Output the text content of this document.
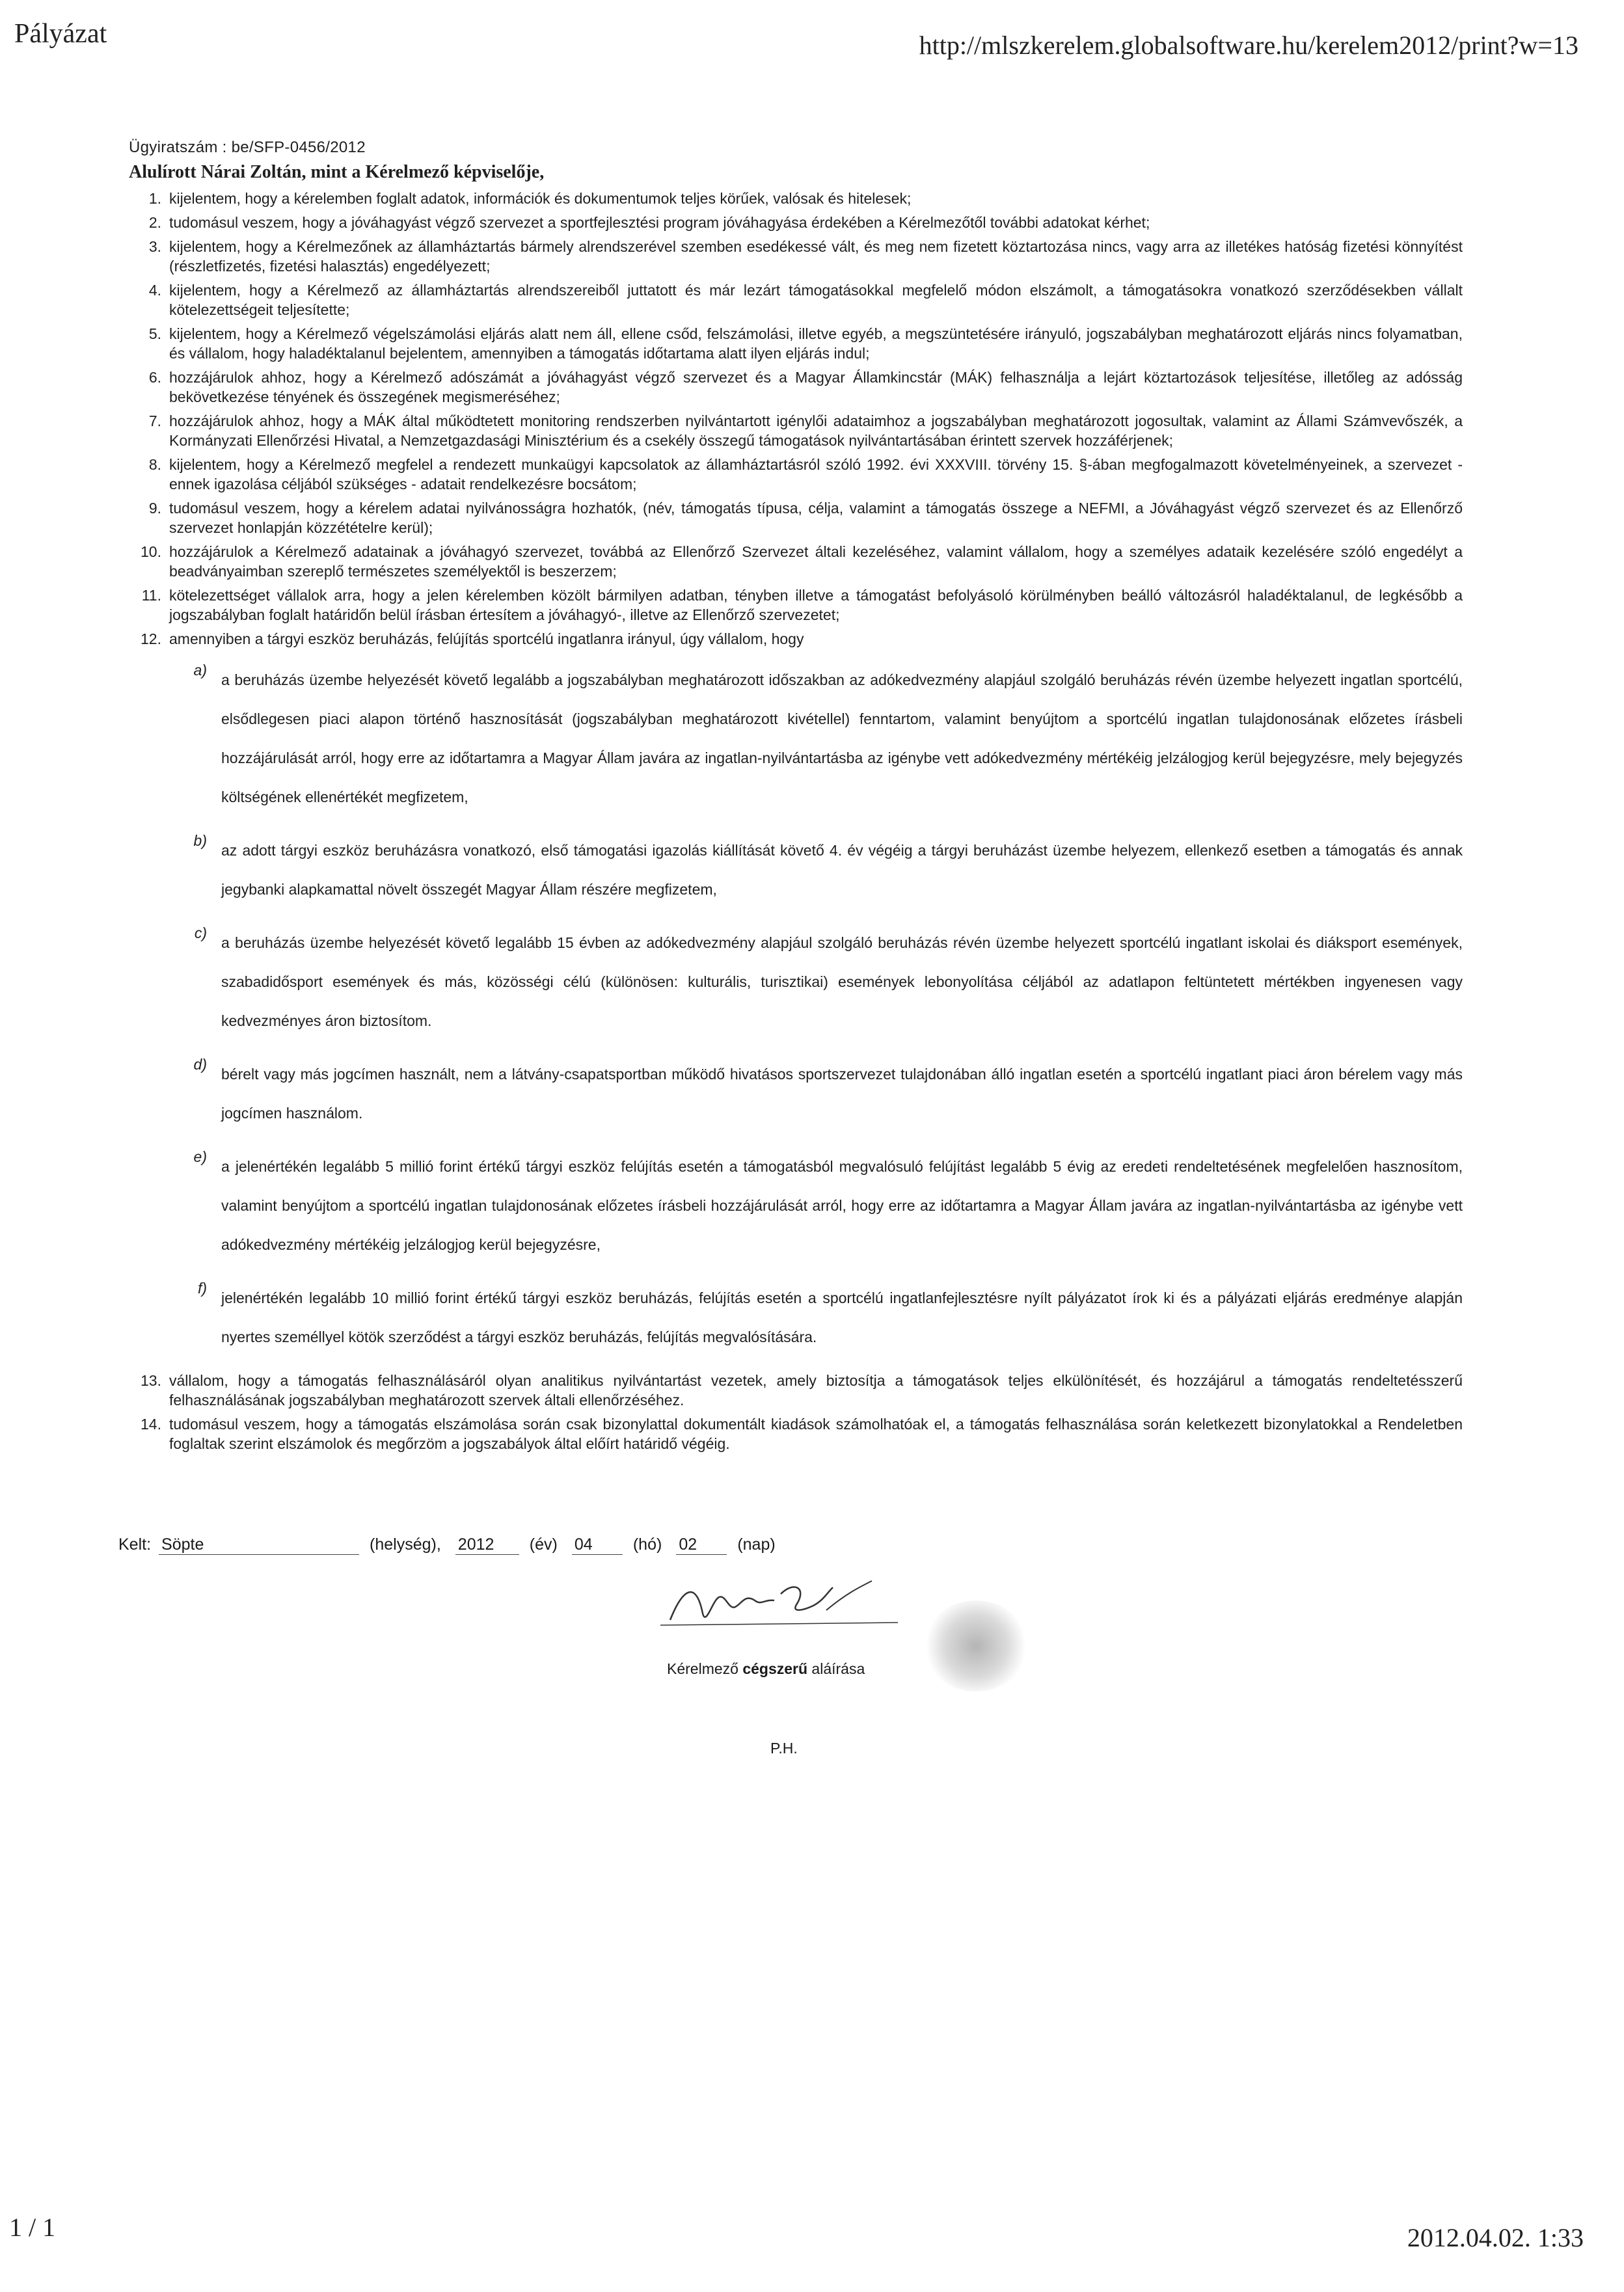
Pályázat	http://mlszkerelem.globalsoftware.hu/kerelem2012/print?w=13
Ügyiratszám : be/SFP-0456/2012
Alulírott Nárai Zoltán, mint a Kérelmező képviselője,
1. kijelentem, hogy a kérelemben foglalt adatok, információk és dokumentumok teljes körűek, valósak és hitelesek;
2. tudomásul veszem, hogy a jóváhagyást végző szervezet a sportfejlesztési program jóváhagyása érdekében a Kérelmezőtől további adatokat kérhet;
3. kijelentem, hogy a Kérelmezőnek az államháztartás bármely alrendszerével szemben esedékessé vált, és meg nem fizetett köztartozása nincs, vagy arra az illetékes hatóság fizetési könnyítést (részletfizetés, fizetési halasztás) engedélyezett;
4. kijelentem, hogy a Kérelmező az államháztartás alrendszereiből juttatott és már lezárt támogatásokkal megfelelő módon elszámolt, a támogatásokra vonatkozó szerződésekben vállalt kötelezettségeit teljesítette;
5. kijelentem, hogy a Kérelmező végelszámolási eljárás alatt nem áll, ellene csőd, felszámolási, illetve egyéb, a megszüntetésére irányuló, jogszabályban meghatározott eljárás nincs folyamatban, és vállalom, hogy haladéktalanul bejelentem, amennyiben a támogatás időtartama alatt ilyen eljárás indul;
6. hozzájárulok ahhoz, hogy a Kérelmező adószámát a jóváhagyást végző szervezet és a Magyar Államkincstár (MÁK) felhasználja a lejárt köztartozások teljesítése, illetőleg az adósság bekövetkezése tényének és összegének megismeréséhez;
7. hozzájárulok ahhoz, hogy a MÁK által működtetett monitoring rendszerben nyilvántartott igénylői adataimhoz a jogszabályban meghatározott jogosultak, valamint az Állami Számvevőszék, a Kormányzati Ellenőrzési Hivatal, a Nemzetgazdasági Minisztérium és a csekély összegű támogatások nyilvántartásában érintett szervek hozzáférjenek;
8. kijelentem, hogy a Kérelmező megfelel a rendezett munkaügyi kapcsolatok az államháztartásról szóló 1992. évi XXXVIII. törvény 15. §-ában megfogalmazott követelményeinek, a szervezet - ennek igazolása céljából szükséges - adatait rendelkezésre bocsátom;
9. tudomásul veszem, hogy a kérelem adatai nyilvánosságra hozhatók, (név, támogatás típusa, célja, valamint a támogatás összege a NEFMI, a Jóváhagyást végző szervezet és az Ellenőrző szervezet honlapján közzétételre kerül);
10. hozzájárulok a Kérelmező adatainak a jóváhagyó szervezet, továbbá az Ellenőrző Szervezet általi kezeléséhez, valamint vállalom, hogy a személyes adataik kezelésére szóló engedélyt a beadványaimban szereplő természetes személyektől is beszerzem;
11. kötelezettséget vállalok arra, hogy a jelen kérelemben közölt bármilyen adatban, tényben illetve a támogatást befolyásoló körülményben beálló változásról haladéktalanul, de legkésőbb a jogszabályban foglalt határidőn belül írásban értesítem a jóváhagyó-, illetve az Ellenőrző szervezetet;
12. amennyiben a tárgyi eszköz beruházás, felújítás sportcélú ingatlanra irányul, úgy vállalom, hogy
a)
a beruházás üzembe helyezését követő legalább a jogszabályban meghatározott időszakban az adókedvezmény alapjául szolgáló beruházás révén üzembe helyezett ingatlan sportcélú, elsődlegesen piaci alapon történő hasznosítását (jogszabályban meghatározott kivétellel) fenntartom, valamint benyújtom a sportcélú ingatlan tulajdonosának előzetes írásbeli hozzájárulását arról, hogy erre az időtartamra a Magyar Állam javára az ingatlan-nyilvántartásba az igénybe vett adókedvezmény mértékéig jelzálogjog kerül bejegyzésre, mely bejegyzés költségének ellenértékét megfizetem,
b)
az adott tárgyi eszköz beruházásra vonatkozó, első támogatási igazolás kiállítását követő 4. év végéig a tárgyi beruházást üzembe helyezem, ellenkező esetben a támogatás és annak jegybanki alapkamattal növelt összegét Magyar Állam részére megfizetem,
c)
a beruházás üzembe helyezését követő legalább 15 évben az adókedvezmény alapjául szolgáló beruházás révén üzembe helyezett sportcélú ingatlant iskolai és diáksport események, szabadidősport események és más, közösségi célú (különösen: kulturális, turisztikai) események lebonyolítása céljából az adatlapon feltüntetett mértékben ingyenesen vagy kedvezményes áron biztosítom.
d)
bérelt vagy más jogcímen használt, nem a látvány-csapatsportban működő hivatásos sportszervezet tulajdonában álló ingatlan esetén a sportcélú ingatlant piaci áron bérelem vagy más jogcímen használom.
e)
a jelenértékén legalább 5 millió forint értékű tárgyi eszköz felújítás esetén a támogatásból megvalósuló felújítást legalább 5 évig az eredeti rendeltetésének megfelelően hasznosítom, valamint benyújtom a sportcélú ingatlan tulajdonosának előzetes írásbeli hozzájárulását arról, hogy erre az időtartamra a Magyar Állam javára az ingatlan-nyilvántartásba az igénybe vett adókedvezmény mértékéig jelzálogjog kerül bejegyzésre,
f)
jelenértékén legalább 10 millió forint értékű tárgyi eszköz beruházás, felújítás esetén a sportcélú ingatlanfejlesztésre nyílt pályázatot írok ki és a pályázati eljárás eredménye alapján nyertes személlyel kötök szerződést a tárgyi eszköz beruházás, felújítás megvalósítására.
13. vállalom, hogy a támogatás felhasználásáról olyan analitikus nyilvántartást vezetek, amely biztosítja a támogatások teljes elkülönítését, és hozzájárul a támogatás rendeltetésszerű felhasználásának jogszabályban meghatározott szervek általi ellenőrzéséhez.
14. tudomásul veszem, hogy a támogatás elszámolása során csak bizonylattal dokumentált kiadások számolhatóak el, a támogatás felhasználása során keletkezett bizonylatokkal a Rendeletben foglaltak szerint elszámolok és megőrzöm a jogszabályok által előírt határidő végéig.
Kelt: Söpte	(helység), 2012	(év) 04	(hó) 02	(nap)
Kérelmező cégszerű aláírása
P.H.
1 / 1	2012.04.02. 1:33
